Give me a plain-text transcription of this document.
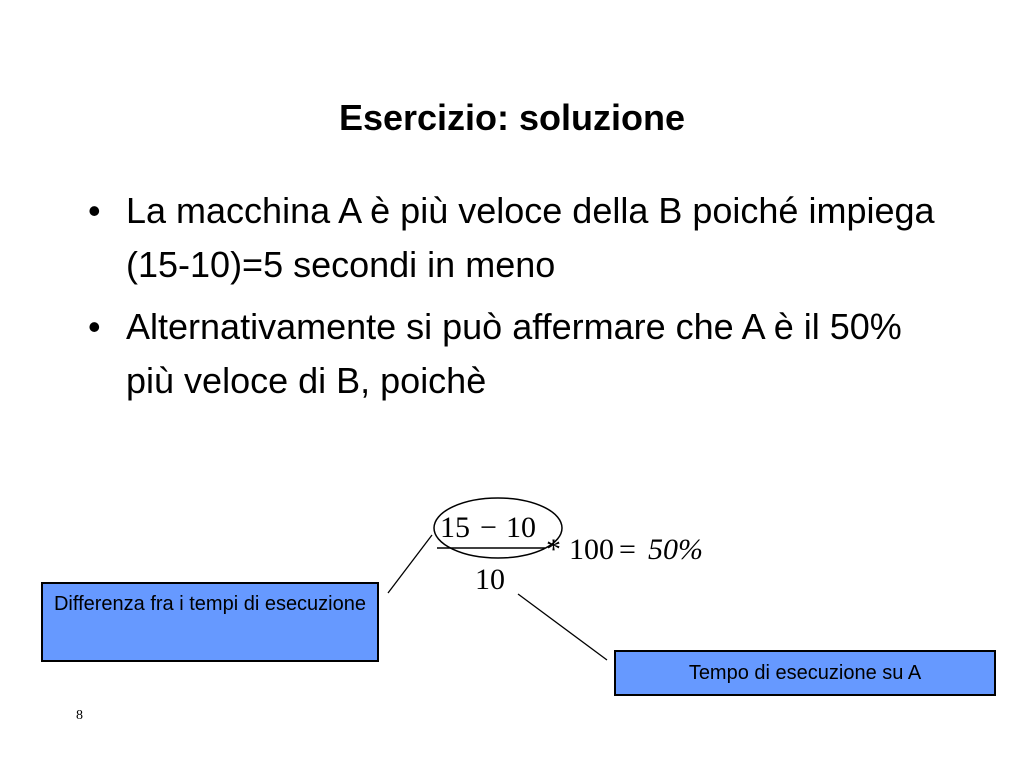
Esercizio: soluzione
• La macchina A è più veloce della B poiché impiega (15-10)=5 secondi in meno
• Alternativamente si può affermare che A è il 50% più veloce di B, poichè
15 − 10
10
* 100 = 50%
Differenza fra i tempi di esecuzione
Tempo di esecuzione su A
8
